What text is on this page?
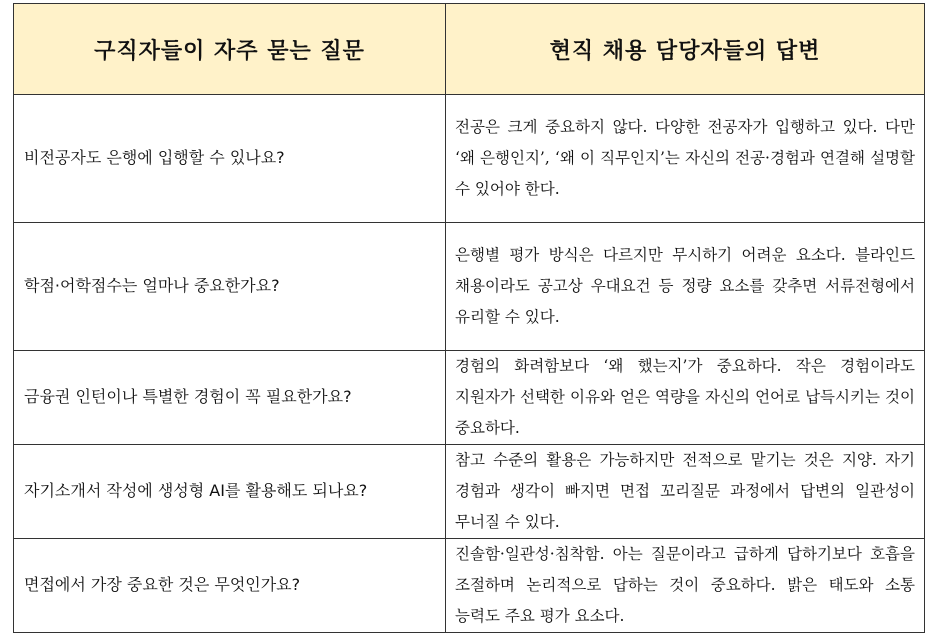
구직자들이 자주 묻는 질문	현직 채용 담당자들의 답변
비전공자도 은행에 입행할 수 있나요?	전공은 크게 중요하지 않다. 다양한 전공자가 입행하고 있다. 다만 ‘왜 은행인지’, ‘왜 이 직무인지’는 자신의 전공·경험과 연결해 설명할 수 있어야 한다.
학점·어학점수는 얼마나 중요한가요?	은행별 평가 방식은 다르지만 무시하기 어려운 요소다. 블라인드 채용이라도 공고상 우대요건 등 정량 요소를 갖추면 서류전형에서 유리할 수 있다.
금융권 인턴이나 특별한 경험이 꼭 필요한가요?	경험의 화려함보다 ‘왜 했는지’가 중요하다. 작은 경험이라도 지원자가 선택한 이유와 얻은 역량을 자신의 언어로 납득시키는 것이 중요하다.
자기소개서 작성에 생성형 AI를 활용해도 되나요?	참고 수준의 활용은 가능하지만 전적으로 맡기는 것은 지양. 자기 경험과 생각이 빠지면 면접 꼬리질문 과정에서 답변의 일관성이 무너질 수 있다.
면접에서 가장 중요한 것은 무엇인가요?	진솔함·일관성·침착함. 아는 질문이라고 급하게 답하기보다 호흡을 조절하며 논리적으로 답하는 것이 중요하다. 밝은 태도와 소통 능력도 주요 평가 요소다.
